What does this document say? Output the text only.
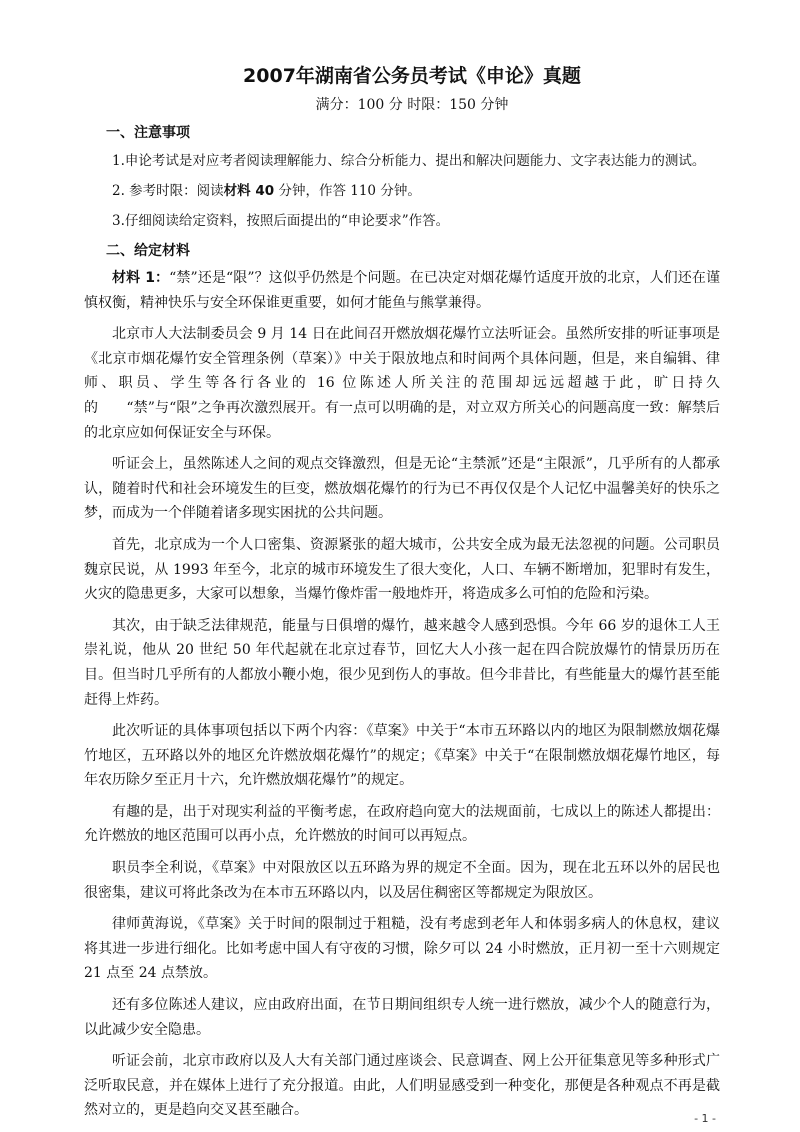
2007年湖南省公务员考试《申论》真题

满分：100 分 时限：150 分钟

一、注意事项

1.申论考试是对应考者阅读理解能力、综合分析能力、提出和解决问题能力、文字表达能力的测试。

2. 参考时限：阅读材料 40 分钟，作答 110 分钟。

3.仔细阅读给定资料，按照后面提出的“申论要求”作答。

二、给定材料

材料 1：“禁”还是“限”？这似乎仍然是个问题。在已决定对烟花爆竹适度开放的北京，人们还在谨慎权衡，精神快乐与安全环保谁更重要，如何才能鱼与熊掌兼得。

北京市人大法制委员会 9 月 14 日在此间召开燃放烟花爆竹立法听证会。虽然所安排的听证事项是《北京市烟花爆竹安全管理条例（草案）》中关于限放地点和时间两个具体问题，但是，来自编辑、律师、职员、学生等各行各业的 16 位陈述人所关注的范围却远远超越于此，旷日持久的　　“禁”与“限”之争再次激烈展开。有一点可以明确的是，对立双方所关心的问题高度一致：解禁后的北京应如何保证安全与环保。

听证会上，虽然陈述人之间的观点交锋激烈，但是无论“主禁派”还是“主限派”，几乎所有的人都承认，随着时代和社会环境发生的巨变，燃放烟花爆竹的行为已不再仅仅是个人记忆中温馨美好的快乐之梦，而成为一个伴随着诸多现实困扰的公共问题。

首先，北京成为一个人口密集、资源紧张的超大城市，公共安全成为最无法忽视的问题。公司职员魏京民说，从 1993 年至今，北京的城市环境发生了很大变化，人口、车辆不断增加，犯罪时有发生，火灾的隐患更多，大家可以想象，当爆竹像炸雷一般地炸开，将造成多么可怕的危险和污染。

其次，由于缺乏法律规范，能量与日俱增的爆竹，越来越令人感到恐惧。今年 66 岁的退休工人王崇礼说，他从 20 世纪 50 年代起就在北京过春节，回忆大人小孩一起在四合院放爆竹的情景历历在目。但当时几乎所有的人都放小鞭小炮，很少见到伤人的事故。但今非昔比，有些能量大的爆竹甚至能赶得上炸药。

此次听证的具体事项包括以下两个内容：《草案》中关于“本市五环路以内的地区为限制燃放烟花爆竹地区，五环路以外的地区允许燃放烟花爆竹”的规定；《草案》中关于“在限制燃放烟花爆竹地区，每年农历除夕至正月十六，允许燃放烟花爆竹”的规定。

有趣的是，出于对现实利益的平衡考虑，在政府趋向宽大的法规面前，七成以上的陈述人都提出：允许燃放的地区范围可以再小点，允许燃放的时间可以再短点。

职员李全利说，《草案》中对限放区以五环路为界的规定不全面。因为，现在北五环以外的居民也很密集，建议可将此条改为在本市五环路以内，以及居住稠密区等都规定为限放区。

律师黄海说，《草案》关于时间的限制过于粗糙，没有考虑到老年人和体弱多病人的休息权，建议将其进一步进行细化。比如考虑中国人有守夜的习惯，除夕可以 24 小时燃放，正月初一至十六则规定 21 点至 24 点禁放。

还有多位陈述人建议，应由政府出面，在节日期间组织专人统一进行燃放，减少个人的随意行为，以此减少安全隐患。

听证会前，北京市政府以及人大有关部门通过座谈会、民意调查、网上公开征集意见等多种形式广泛听取民意，并在媒体上进行了充分报道。由此，人们明显感受到一种变化，那便是各种观点不再是截然对立的，更是趋向交叉甚至融合。

- 1 -
